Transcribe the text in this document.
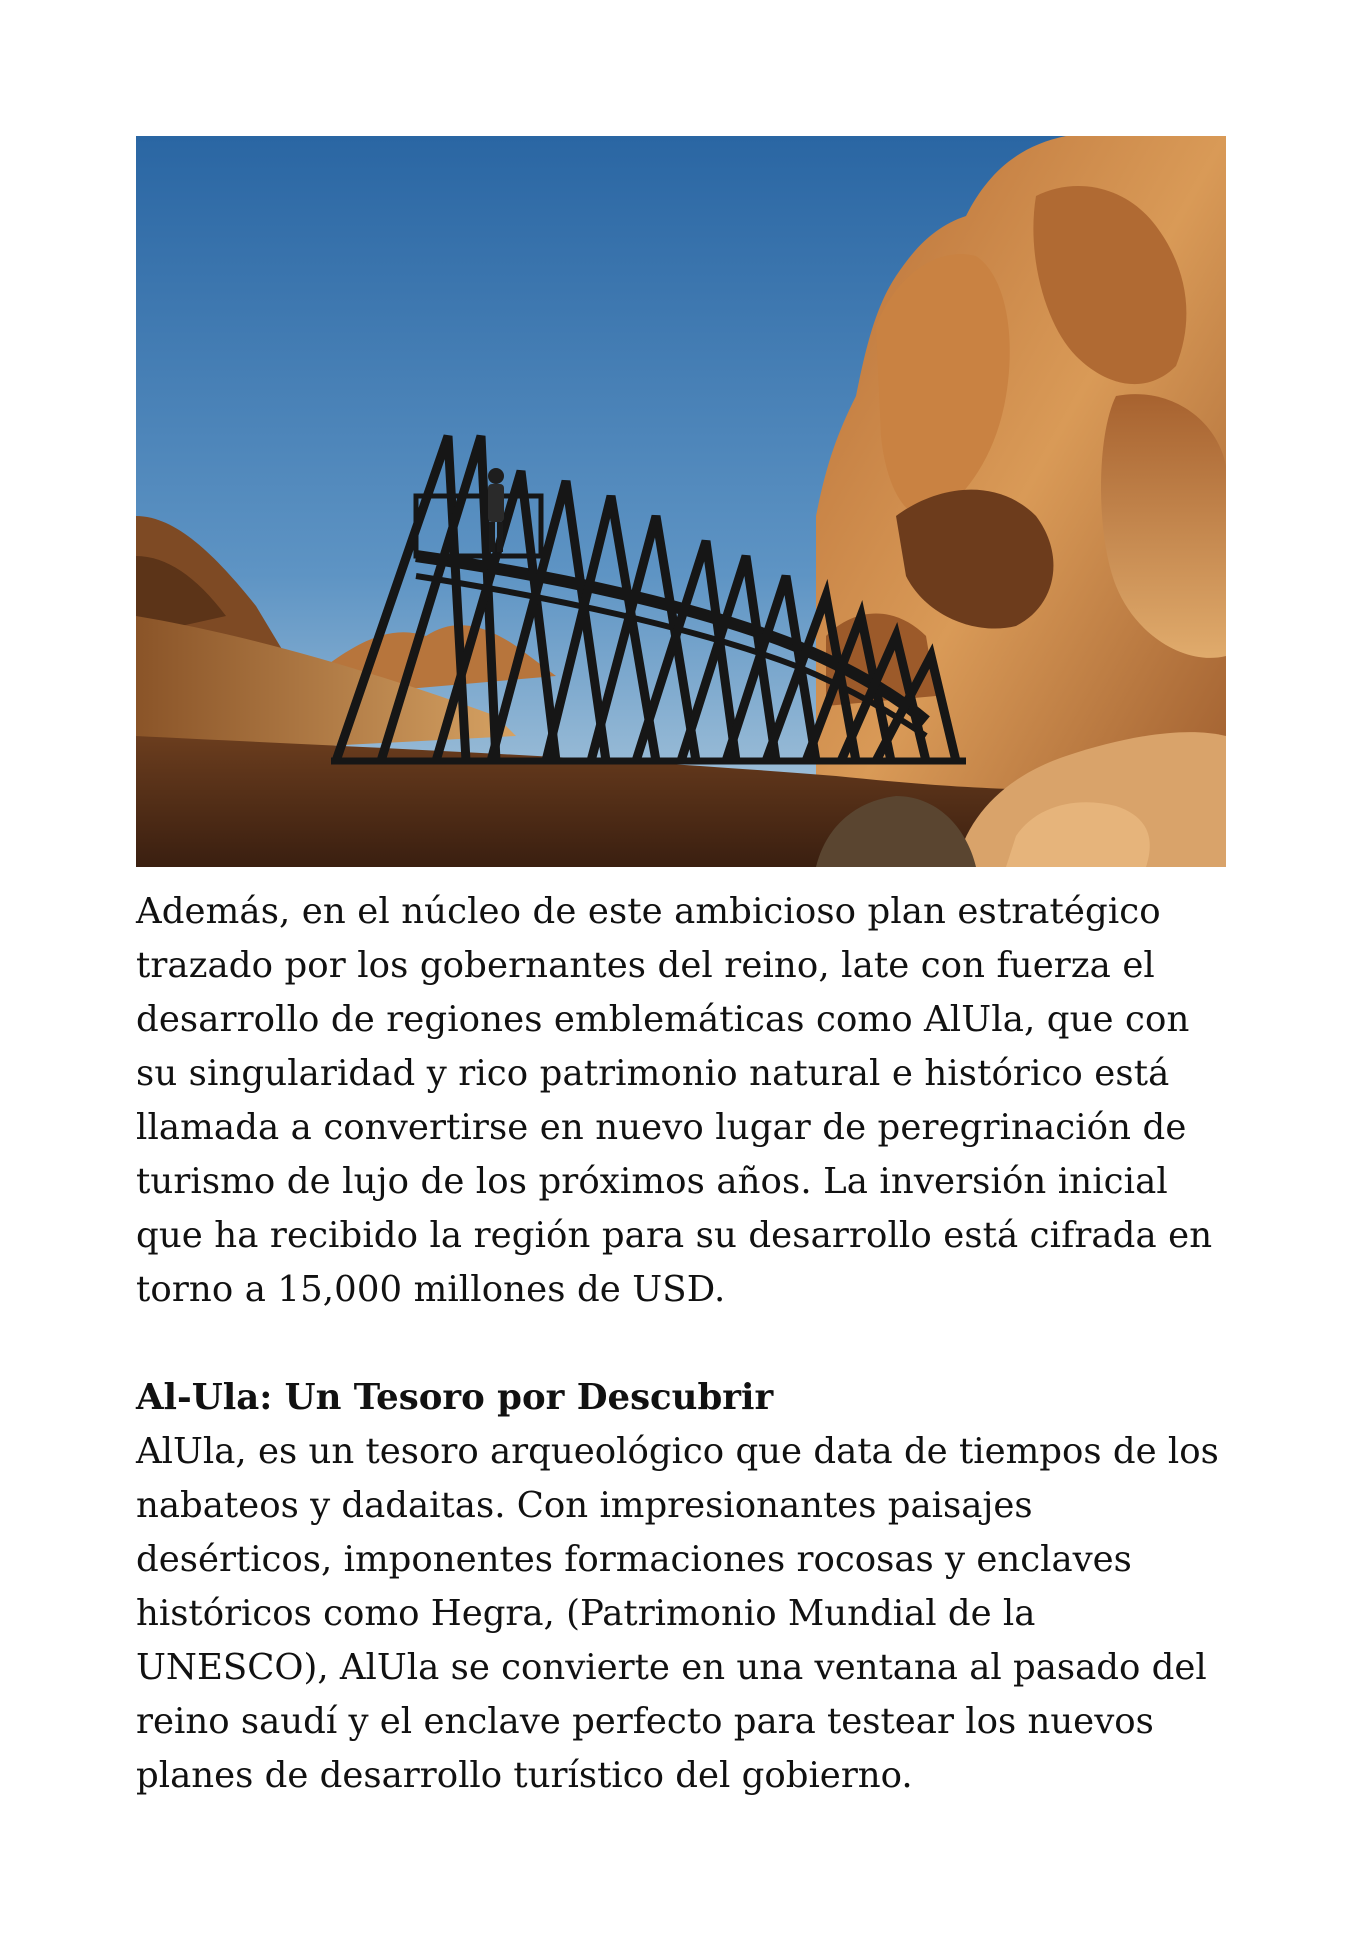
Además, en el núcleo de este ambicioso plan estratégico trazado por los gobernantes del reino, late con fuerza el desarrollo de regiones emblemáticas como AlUla, que con su singularidad y rico patrimonio natural e histórico está llamada a convertirse en nuevo lugar de peregrinación de turismo de lujo de los próximos años. La inversión inicial que ha recibido la región para su desarrollo está cifrada en torno a 15,000 millones de USD.

Al-Ula: Un Tesoro por Descubrir

AlUla, es un tesoro arqueológico que data de tiempos de los nabateos y dadaitas. Con impresionantes paisajes desérticos, imponentes formaciones rocosas y enclaves históricos como Hegra, (Patrimonio Mundial de la UNESCO), AlUla se convierte en una ventana al pasado del reino saudí y el enclave perfecto para testear los nuevos planes de desarrollo turístico del gobierno.
